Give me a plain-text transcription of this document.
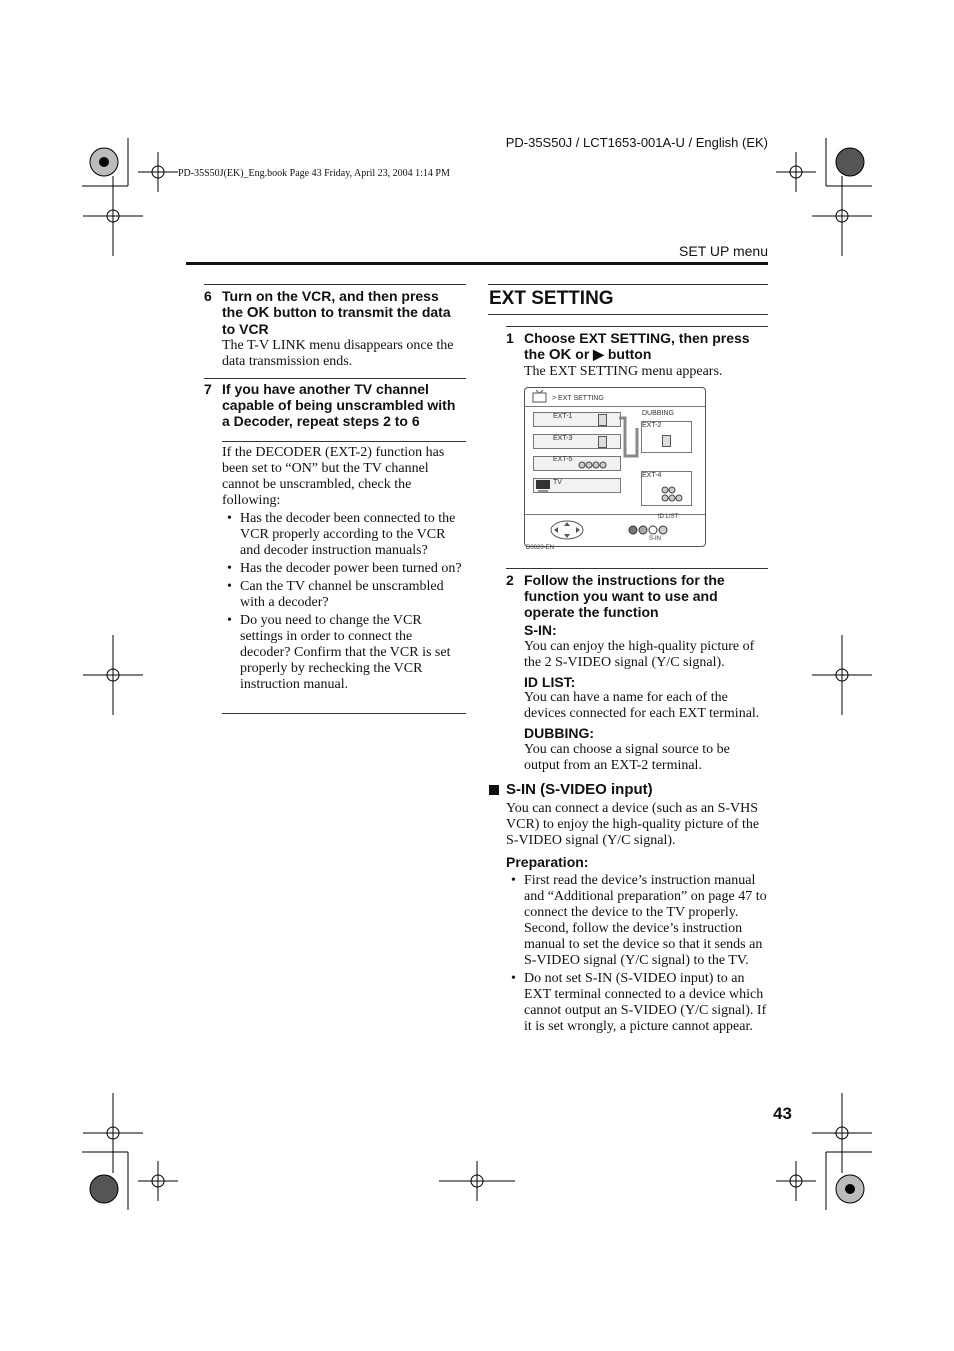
PD-35S50J / LCT1653-001A-U / English (EK)
PD-35S50J(EK)_Eng.book Page 43 Friday, April 23, 2004 1:14 PM
SET UP menu
6 Turn on the VCR, and then press
the OK button to transmit the data
to VCR
The T-V LINK menu disappears once the data transmission ends.
7 If you have another TV channel capable of being unscrambled with a Decoder, repeat steps 2 to 6
If the DECODER (EXT-2) function has been set to “ON” but the TV channel cannot be unscrambled, check the following:
• Has the decoder been connected to the VCR properly according to the VCR and decoder instruction manuals?
• Has the decoder power been turned on?
• Can the TV channel be unscrambled with a decoder?
• Do you need to change the VCR settings in order to connect the decoder? Confirm that the VCR is set properly by rechecking the VCR instruction manual.
EXT SETTING
1 Choose EXT SETTING, then press
the OK or ▶ button
The EXT SETTING menu appears.
> EXT SETTING
EXT-1
EXT-3
EXT-5
TV
DUBBING
EXT-2
EXT-4
ID LIST
S-IN
D0020-EN
2 Follow the instructions for the function you want to use and operate the function
S-IN:
You can enjoy the high-quality picture of the 2 S-VIDEO signal (Y/C signal).
ID LIST:
You can have a name for each of the devices connected for each EXT terminal.
DUBBING:
You can choose a signal source to be output from an EXT-2 terminal.
S-IN (S-VIDEO input)
You can connect a device (such as an S-VHS VCR) to enjoy the high-quality picture of the S-VIDEO signal (Y/C signal).
Preparation:
• First read the device’s instruction manual and “Additional preparation” on page 47 to connect the device to the TV properly. Second, follow the device’s instruction manual to set the device so that it sends an S-VIDEO signal (Y/C signal) to the TV.
• Do not set S-IN (S-VIDEO input) to an EXT terminal connected to a device which cannot output an S-VIDEO (Y/C signal). If it is set wrongly, a picture cannot appear.
43
